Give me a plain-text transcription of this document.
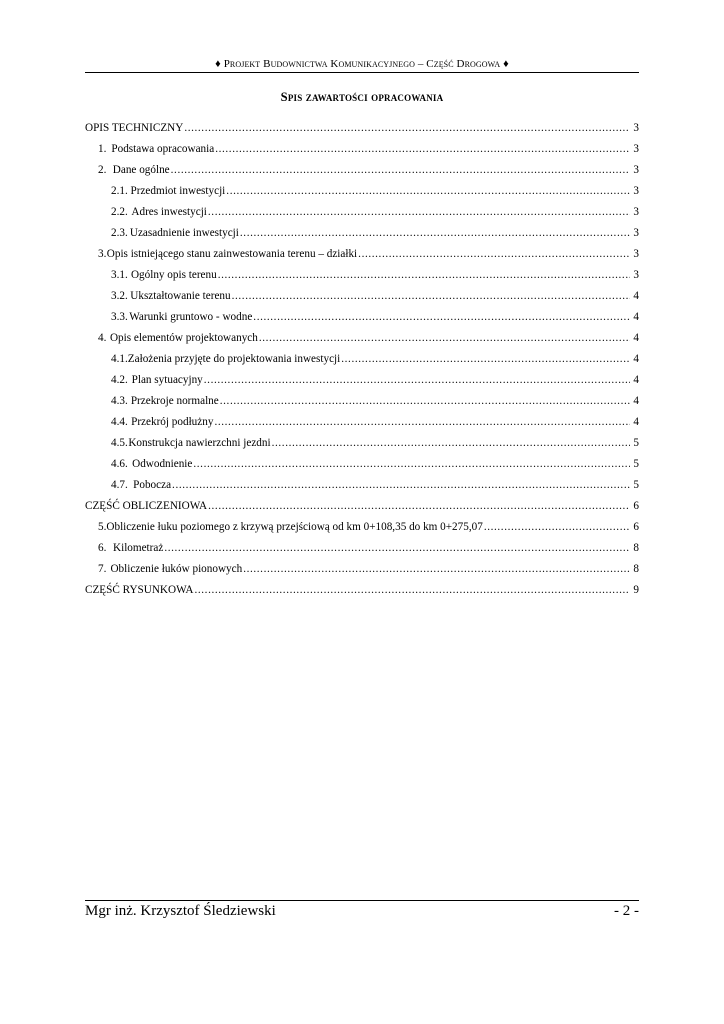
♦ Projekt Budownictwa Komunikacyjnego – Część Drogowa ♦
Spis zawartości opracowania
OPIS TECHNICZNY .....	3
1. Podstawa opracowania .....	3
2. Dane ogólne .....	3
2.1. Przedmiot inwestycji .....	3
2.2. Adres inwestycji .....	3
2.3. Uzasadnienie inwestycji .....	3
3. Opis istniejącego stanu zainwestowania terenu – działki .....	3
3.1. Ogólny opis terenu .....	3
3.2. Ukształtowanie terenu .....	4
3.3. Warunki gruntowo - wodne .....	4
4. Opis elementów projektowanych .....	4
4.1. Założenia przyjęte do projektowania inwestycji .....	4
4.2. Plan sytuacyjny .....	4
4.3. Przekroje normalne .....	4
4.4. Przekrój podłużny .....	4
4.5. Konstrukcja nawierzchni jezdni .....	5
4.6. Odwodnienie .....	5
4.7. Pobocza .....	5
CZĘŚĆ OBLICZENIOWA .....	6
5. Obliczenie łuku poziomego z krzywą przejściową od km 0+108,35 do km 0+275,07 .....	6
6. Kilometraż .....	8
7. Obliczenie łuków pionowych .....	8
CZĘŚĆ RYSUNKOWA .....	9
Mgr inż. Krzysztof Śledziewski	- 2 -
